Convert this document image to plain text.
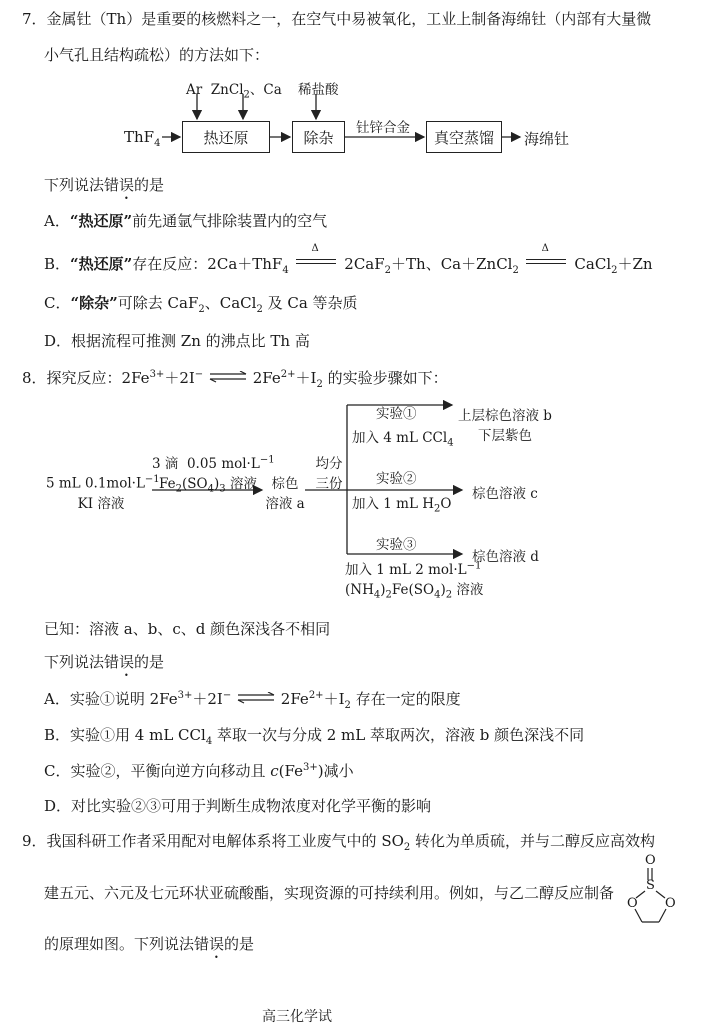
7．金属钍（Th）是重要的核燃料之一，在空气中易被氧化，工业上制备海绵钍（内部有大量微
小气孔且结构疏松）的方法如下：
Ar  ZnCl$_2$、Ca 稀盐酸
ThF$_4$	热还原	除杂
钍锌合金
真空蒸馏	海绵钍
下列说法错误的是
A．“热还原”前先通氩气排除装置内的空气
B．“热还原”存在反应：2Ca＋ThF$_4$
Δ
2CaF$_2$＋Th、Ca＋ZnCl$_2$
Δ
CaCl$_2$＋Zn
C．“除杂”可除去 CaF$_2$、CaCl$_2$ 及 Ca 等杂质
D．根据流程可推测 Zn 的沸点比 Th 高
8．探究反应：$2Fe^{3+}+2I^-$ ⇌ $2Fe^{2+}+I_2$ 的实验步骤如下：
5 mL $0.1mol\cdot L^{-1}$
KI 溶液
3 滴  0.05 $mol\cdot L^{-1}$
$Fe_2(SO_4)_3$ 溶液	棕色
溶液 a
均分
三份
实验①
加入 4 mL CCl$_4$
上层棕色溶液 b
下层紫色
实验②
加入 1 mL $H_2O$
棕色溶液 c
实验③
加入 1 mL 2 $mol\cdot L^{-1}$
$(NH_4)_2Fe(SO_4)_2$ 溶液
棕色溶液 d
已知：溶液 a、b、c、d 颜色深浅各不相同
下列说法错误的是
A．实验①说明 $2Fe^{3+}+2I^-$ ⇌ $2Fe^{2+}+I_2$ 存在一定的限度
B．实验①用 4 mL CCl$_4$ 萃取一次与分成 2 mL 萃取两次，溶液 b 颜色深浅不同
C．实验②，平衡向逆方向移动且 $c(Fe^{3+})$减小
D．对比实验②③可用于判断生成物浓度对化学平衡的影响
9．我国科研工作者采用配对电解体系将工业废气中的 $SO_2$ 转化为单质硫，并与二醇反应高效构
建五元、六元及七元环状亚硫酸酯，实现资源的可持续利用。例如，与乙二醇反应制备
O
S
O O
的原理如图。下列说法错误的是
高三化学试
